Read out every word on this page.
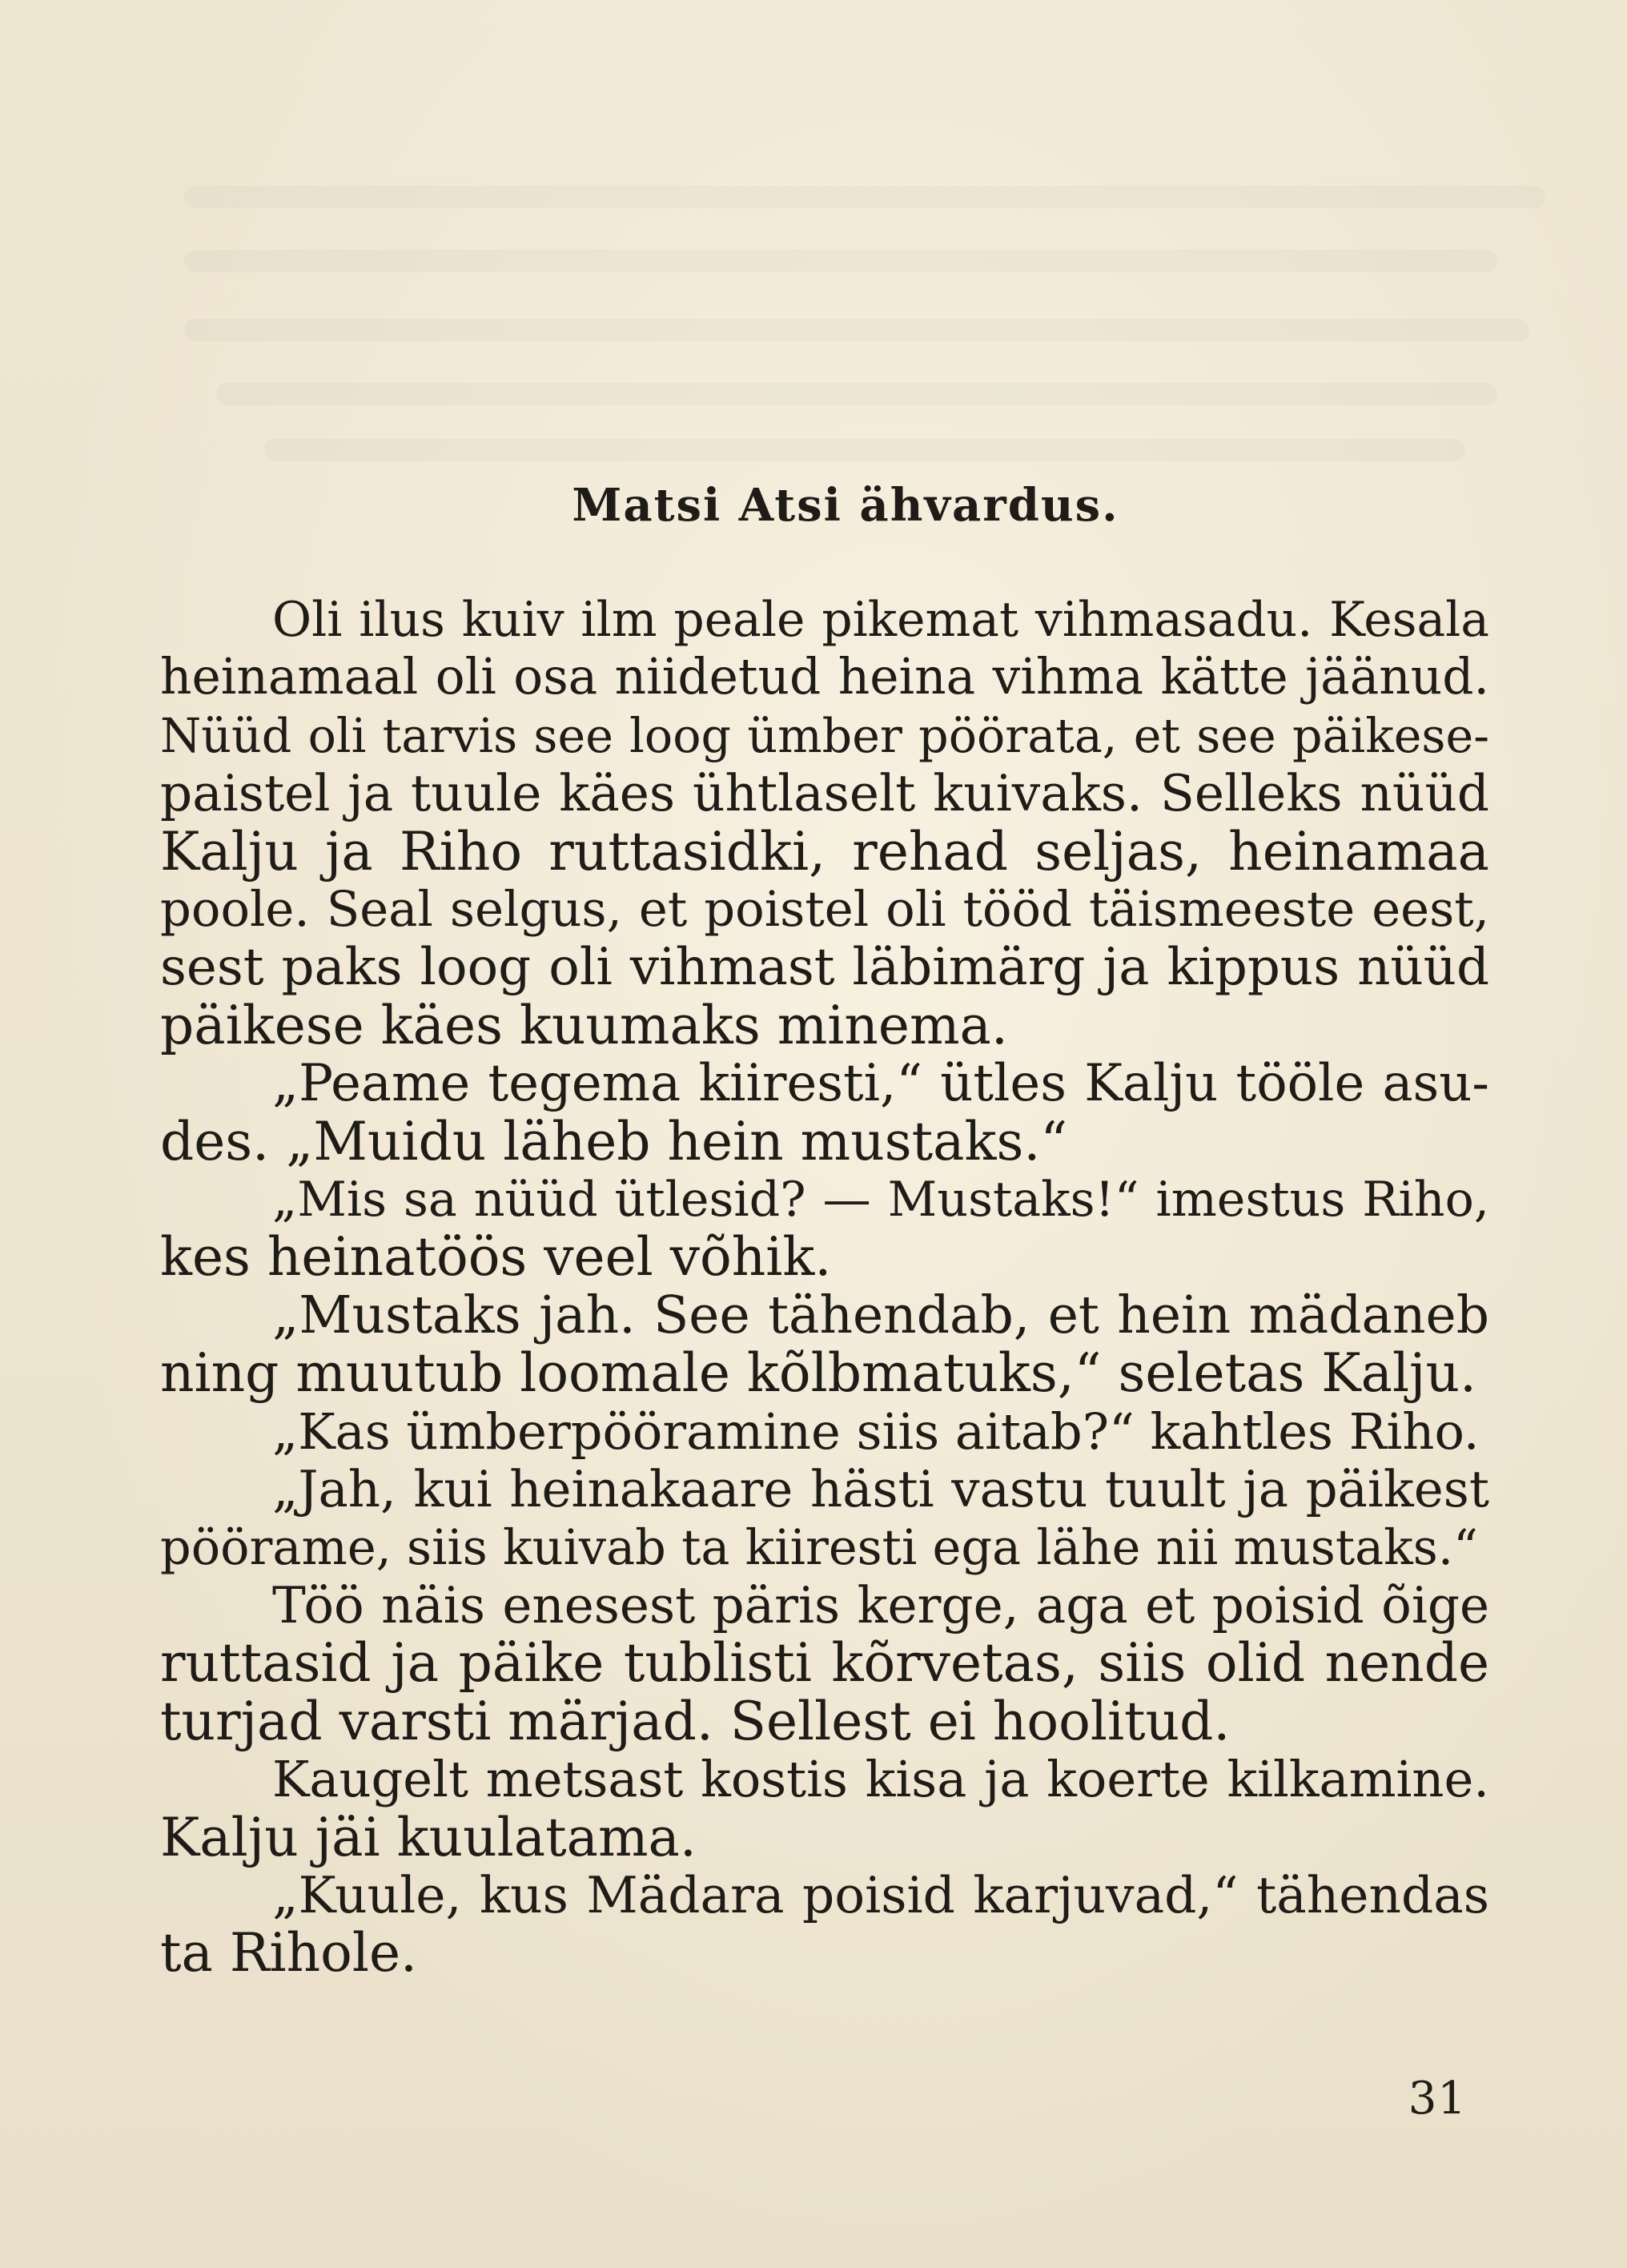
Matsi Atsi ähvardus.

Oli ilus kuiv ilm peale pikemat vihmasadu. Kesala
heinamaal oli osa niidetud heina vihma kätte jäänud.
Nüüd oli tarvis see loog ümber pöörata, et see päikese-
paistel ja tuule käes ühtlaselt kuivaks. Selleks nüüd
Kalju ja Riho ruttasidki, rehad seljas, heinamaa
poole. Seal selgus, et poistel oli tööd täismeeste eest,
sest paks loog oli vihmast läbimärg ja kippus nüüd
päikese käes kuumaks minema.

„Peame tegema kiiresti,“ ütles Kalju tööle asu-
des. „Muidu läheb hein mustaks.“

„Mis sa nüüd ütlesid? — Mustaks!“ imestus Riho,
kes heinatöös veel võhik.

„Mustaks jah. See tähendab, et hein mädaneb
ning muutub loomale kõlbmatuks,“ seletas Kalju.

„Kas ümberpööramine siis aitab?“ kahtles Riho.

„Jah, kui heinakaare hästi vastu tuult ja päikest
pöörame, siis kuivab ta kiiresti ega lähe nii mustaks.“

Töö näis enesest päris kerge, aga et poisid õige
ruttasid ja päike tublisti kõrvetas, siis olid nende
turjad varsti märjad. Sellest ei hoolitud.

Kaugelt metsast kostis kisa ja koerte kilkamine.
Kalju jäi kuulatama.

„Kuule, kus Mädara poisid karjuvad,“ tähendas
ta Rihole.

31
